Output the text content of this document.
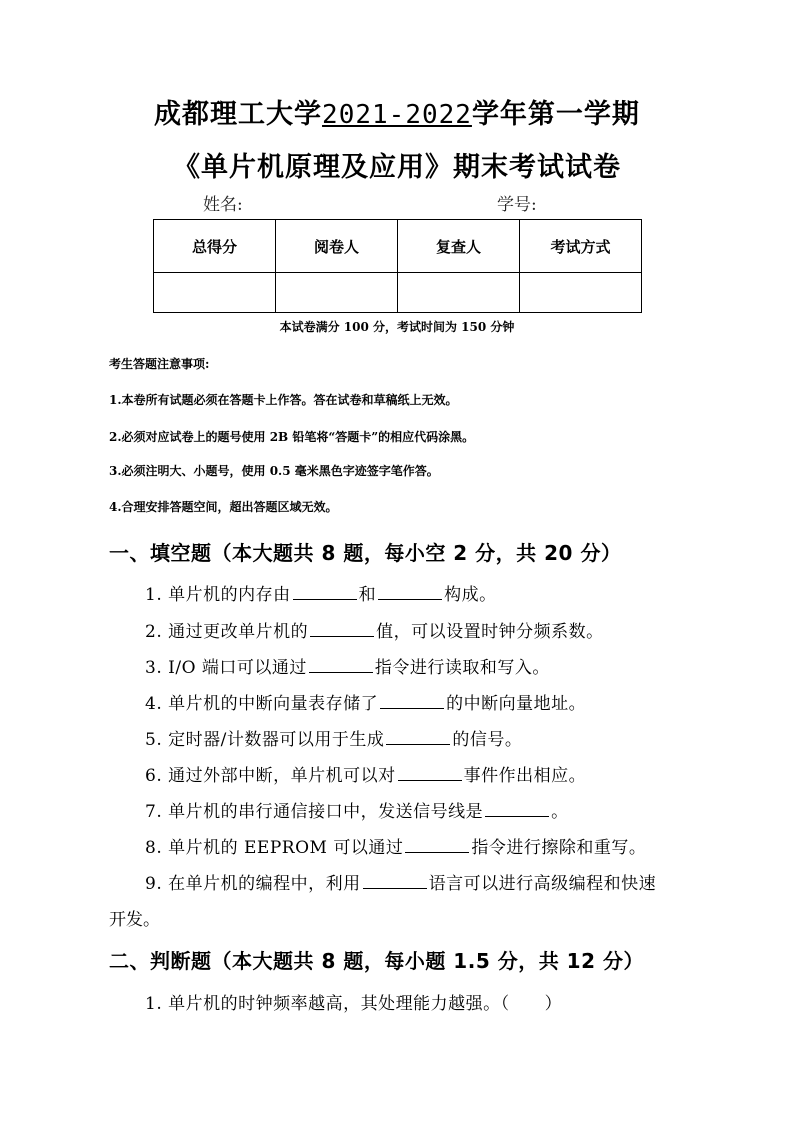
成都理工大学2021-2022学年第一学期
《单片机原理及应用》期末考试试卷
姓名:	学号:
总得分	阅卷人	复查人	考试方式

本试卷满分 100 分，考试时间为 150 分钟
考生答题注意事项:
1.本卷所有试题必须在答题卡上作答。答在试卷和草稿纸上无效。
2.必须对应试卷上的题号使用 2B 铅笔将“答题卡”的相应代码涂黑。
3.必须注明大、小题号，使用 0.5 毫米黑色字迹签字笔作答。
4.合理安排答题空间，超出答题区域无效。
一、填空题（本大题共 8 题，每小空 2 分，共 20 分）
1. 单片机的内存由	和	构成。
2. 通过更改单片机的	值，可以设置时钟分频系数。
3. I/O 端口可以通过	指令进行读取和写入。
4. 单片机的中断向量表存储了	的中断向量地址。
5. 定时器/计数器可以用于生成	的信号。
6. 通过外部中断，单片机可以对	事件作出相应。
7. 单片机的串行通信接口中，发送信号线是	。
8. 单片机的 EEPROM 可以通过	指令进行擦除和重写。
9. 在单片机的编程中，利用	语言可以进行高级编程和快速
开发。
二、判断题（本大题共 8 题，每小题 1.5 分，共 12 分）
1. 单片机的时钟频率越高，其处理能力越强。（　　）
